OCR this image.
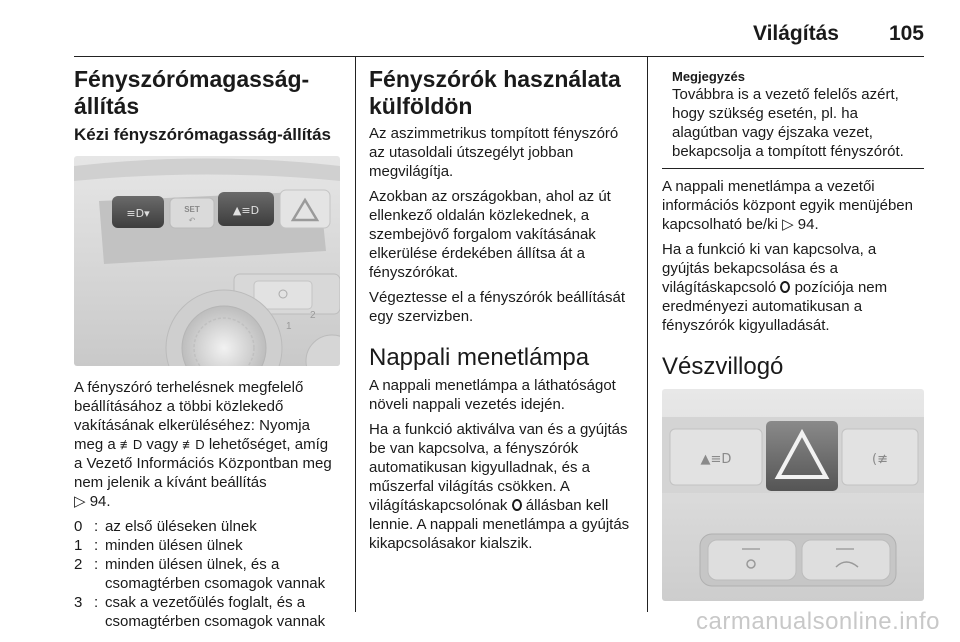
Világítás 105
Fényszórómagasság-állítás
Kézi fényszórómagasság-állítás
≡D▾	SET
↶
▲≡D
1
2

A fényszóró terhelésnek megfelelő beállításához a többi közlekedő vakításának elkerüléséhez: Nyomja meg a ≢D vagy ≢D lehetőséget, amíg a Vezető Információs Központban meg nem jelenik a kívánt beállítás
▷ 94.

0 : az első üléseken ülnek
1 : minden ülésen ülnek
2 : minden ülésen ülnek, és a csomagtérben csomagok vannak
3 : csak a vezetőülés foglalt, és a csomagtérben csomagok vannak
Fényszórók használata külföldön

Az aszimmetrikus tompított fényszóró az utasoldali útszegélyt jobban megvilágítja.

Azokban az országokban, ahol az út ellenkező oldalán közlekednek, a szembejövő forgalom vakításának elkerülése érdekében állítsa át a fényszórókat.

Végeztesse el a fényszórók beállítását egy szervizben.

Nappali menetlámpa

A nappali menetlámpa a láthatóságot növeli nappali vezetés idején.

Ha a funkció aktiválva van és a gyújtás be van kapcsolva, a fényszórók automatikusan kigyulladnak, és a műszerfal világítás csökken. A világításkapcsolónak  állásban kell lennie. A nappali menetlámpa a gyújtás kikapcsolásakor kialszik.

Megjegyzés

Továbbra is a vezető felelős azért, hogy szükség esetén, pl. ha alagútban vagy éjszaka vezet, bekapcsolja a tompított fényszórót.

A nappali menetlámpa a vezetői információs központ egyik menüjében kapcsolható be/ki ▷ 94.

Ha a funkció ki van kapcsolva, a gyújtás bekapcsolása és a világításkapcsoló  pozíciója nem eredményezi automatikusan a fényszórók kigyulladását.

Vészvillogó
▲≡D	(≢
carmanualsonline.info
